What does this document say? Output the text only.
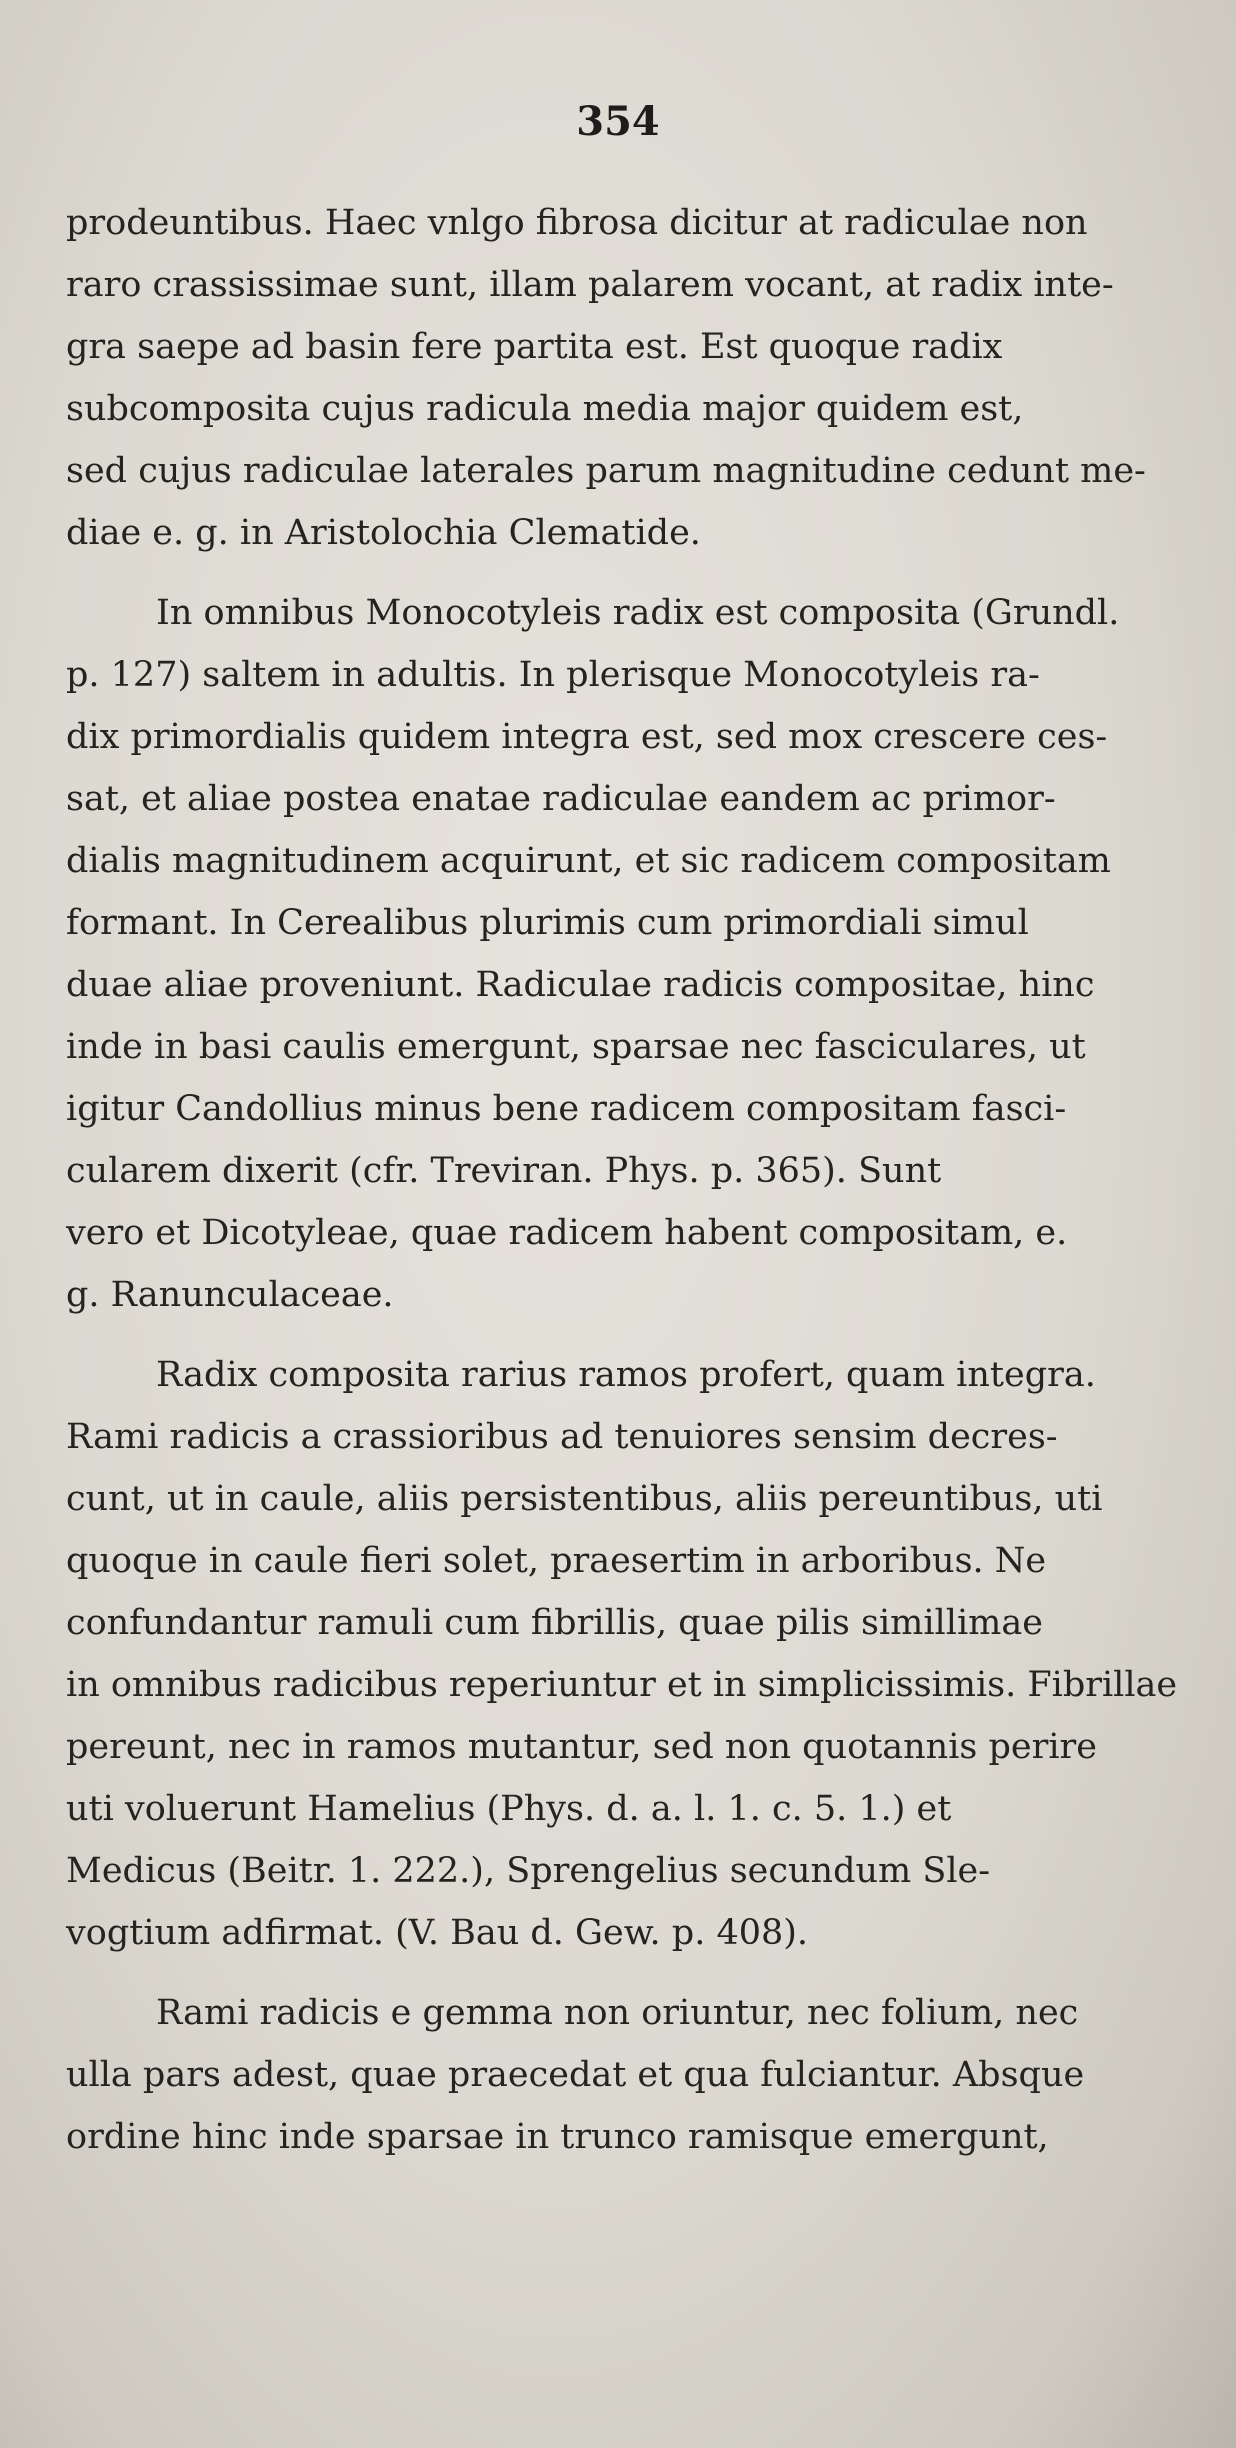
354
prodeuntibus. Haec vnlgo fibrosa dicitur at radiculae non
raro crassissimae sunt, illam palarem vocant, at radix inte-
gra saepe ad basin fere partita est. Est quoque radix
subcomposita cujus radicula media major quidem est,
sed cujus radiculae laterales parum magnitudine cedunt me-
diae e. g. in Aristolochia Clematide.
In omnibus Monocotyleis radix est composita (Grundl.
p. 127) saltem in adultis. In plerisque Monocotyleis ra-
dix primordialis quidem integra est, sed mox crescere ces-
sat, et aliae postea enatae radiculae eandem ac primor-
dialis magnitudinem acquirunt, et sic radicem compositam
formant. In Cerealibus plurimis cum primordiali simul
duae aliae proveniunt. Radiculae radicis compositae, hinc
inde in basi caulis emergunt, sparsae nec fasciculares, ut
igitur Candollius minus bene radicem compositam fasci-
cularem dixerit (cfr. Treviran. Phys. p. 365). Sunt
vero et Dicotyleae, quae radicem habent compositam, e.
g. Ranunculaceae.
Radix composita rarius ramos profert, quam integra.
Rami radicis a crassioribus ad tenuiores sensim decres-
cunt, ut in caule, aliis persistentibus, aliis pereuntibus, uti
quoque in caule fieri solet, praesertim in arboribus. Ne
confundantur ramuli cum fibrillis, quae pilis simillimae
in omnibus radicibus reperiuntur et in simplicissimis. Fibrillae
pereunt, nec in ramos mutantur, sed non quotannis perire
uti voluerunt Hamelius (Phys. d. a. l. 1. c. 5. 1.) et
Medicus (Beitr. 1. 222.), Sprengelius secundum Sle-
vogtium adfirmat. (V. Bau d. Gew. p. 408).
Rami radicis e gemma non oriuntur, nec folium, nec
ulla pars adest, quae praecedat et qua fulciantur. Absque
ordine hinc inde sparsae in trunco ramisque emergunt,
